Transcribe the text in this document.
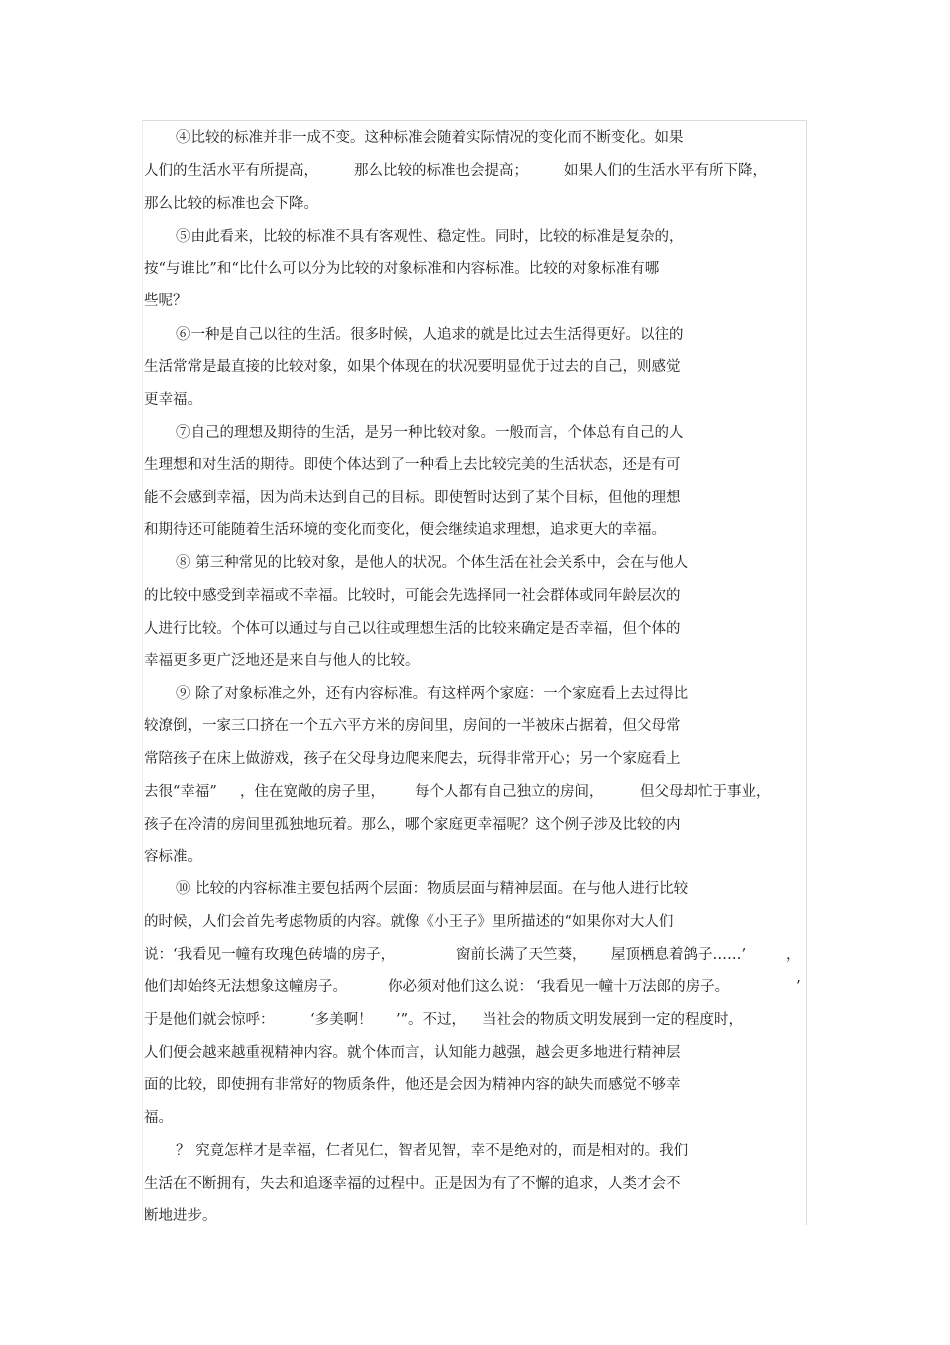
④比较的标准并非一成不变。这种标准会随着实际情况的变化而不断变化。如果

人们的生活水平有所提高， 那么比较的标准也会提高； 如果人们的生活水平有所下降，

那么比较的标准也会下降。

⑤由此看来，比较的标准不具有客观性、稳定性。同时，比较的标准是复杂的，

按“与谁比”和“比什么可以分为比较的对象标准和内容标准。比较的对象标准有哪

些呢？

⑥一种是自己以往的生活。很多时候，人追求的就是比过去生活得更好。以往的

生活常常是最直接的比较对象，如果个体现在的状况要明显优于过去的自己，则感觉

更幸福。

⑦自己的理想及期待的生活，是另一种比较对象。一般而言，个体总有自己的人

生理想和对生活的期待。即使个体达到了一种看上去比较完美的生活状态，还是有可

能不会感到幸福，因为尚未达到自己的目标。即使暂时达到了某个目标，但他的理想

和期待还可能随着生活环境的变化而变化，便会继续追求理想，追求更大的幸福。

⑧ 第三种常见的比较对象，是他人的状况。个体生活在社会关系中，会在与他人

的比较中感受到幸福或不幸福。比较时，可能会先选择同一社会群体或同年龄层次的

人进行比较。个体可以通过与自己以往或理想生活的比较来确定是否幸福，但个体的

幸福更多更广泛地还是来自与他人的比较。

⑨ 除了对象标准之外，还有内容标准。有这样两个家庭：一个家庭看上去过得比

较潦倒，一家三口挤在一个五六平方米的房间里，房间的一半被床占据着，但父母常

常陪孩子在床上做游戏，孩子在父母身边爬来爬去，玩得非常开心；另一个家庭看上

去很“幸福” ，住在宽敞的房子里， 每个人都有自己独立的房间，	但父母却忙于事业，

孩子在冷清的房间里孤独地玩着。那么，哪个家庭更幸福呢？这个例子涉及比较的内

容标准。

⑩ 比较的内容标准主要包括两个层面：物质层面与精神层面。在与他人进行比较

的时候，人们会首先考虑物质的内容。就像《小王子》里所描述的“如果你对大人们

说：‘我看见一幢有玫瑰色砖墙的房子，	窗前长满了天竺葵， 屋顶栖息着鸽子……’	，

他们却始终无法想象这幢房子。	你必须对他们这么说： ‘我看见一幢十万法郎的房子。	’

于是他们就会惊呼： ‘多美啊！ ’”。不过， 当社会的物质文明发展到一定的程度时，

人们便会越来越重视精神内容。就个体而言，认知能力越强，越会更多地进行精神层

面的比较，即使拥有非常好的物质条件，他还是会因为精神内容的缺失而感觉不够幸

福。

？ 究竟怎样才是幸福，仁者见仁，智者见智，幸不是绝对的，而是相对的。我们

生活在不断拥有，失去和追逐幸福的过程中。正是因为有了不懈的追求，人类才会不

断地进步。
